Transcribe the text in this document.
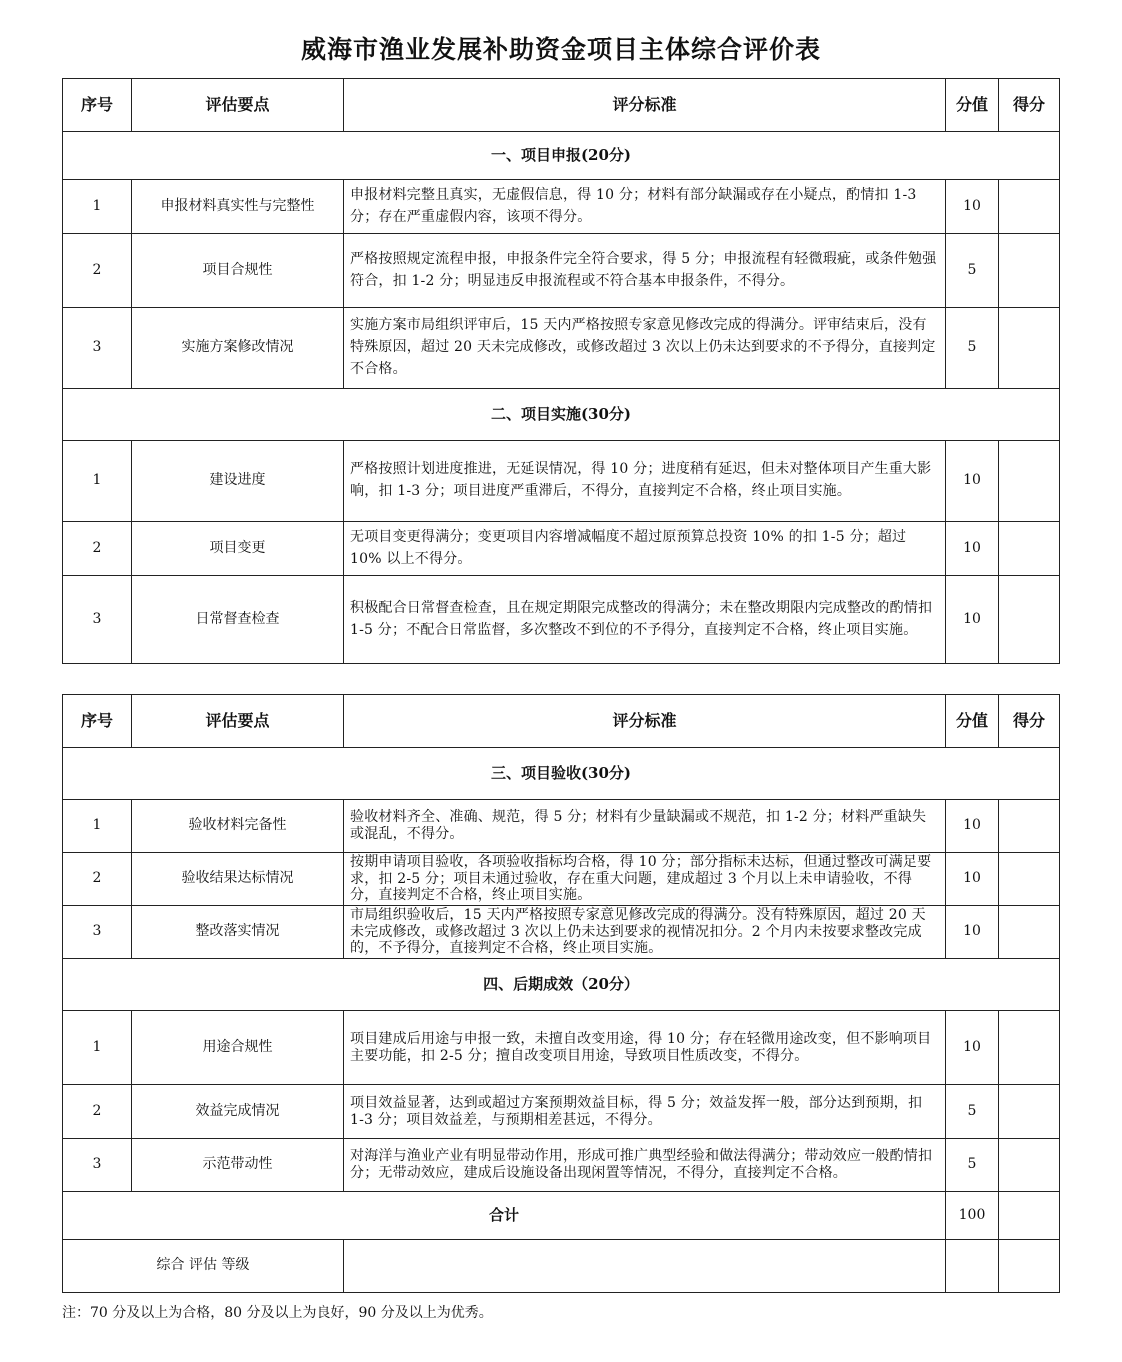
威海市渔业发展补助资金项目主体综合评价表
序号	评估要点	评分标准	分值	得分
一、项目申报(20分)				
1	申报材料真实性与完整性	申报材料完整且真实，无虚假信息，得 10 分；材料有部分缺漏或存在小疑点，酌情扣 1-3 分；存在严重虚假内容，该项不得分。	10	
2	项目合规性	严格按照规定流程申报，申报条件完全符合要求，得 5 分；申报流程有轻微瑕疵，或条件勉强符合，扣 1-2 分；明显违反申报流程或不符合基本申报条件，不得分。	5	
3	实施方案修改情况	实施方案市局组织评审后，15 天内严格按照专家意见修改完成的得满分。评审结束后，没有特殊原因，超过 20 天未完成修改，或修改超过 3 次以上仍未达到要求的不予得分，直接判定不合格。	5	
二、项目实施(30分)				
1	建设进度	严格按照计划进度推进，无延误情况，得 10 分；进度稍有延迟，但未对整体项目产生重大影响，扣 1-3 分；项目进度严重滞后，不得分，直接判定不合格，终止项目实施。	10	
2	项目变更	无项目变更得满分；变更项目内容增减幅度不超过原预算总投资 10% 的扣 1-5 分；超过 10% 以上不得分。	10	
3	日常督查检查	积极配合日常督查检查，且在规定期限完成整改的得满分；未在整改期限内完成整改的酌情扣 1-5 分；不配合日常监督，多次整改不到位的不予得分，直接判定不合格，终止项目实施。	10	
序号	评估要点	评分标准	分值	得分
三、项目验收(30分)				
1	验收材料完备性	验收材料齐全、准确、规范，得 5 分；材料有少量缺漏或不规范，扣 1-2 分；材料严重缺失或混乱，不得分。	10	
2	验收结果达标情况	按期申请项目验收，各项验收指标均合格，得 10 分；部分指标未达标，但通过整改可满足要求，扣 2-5 分；项目未通过验收，存在重大问题，建成超过 3 个月以上未申请验收，不得分，直接判定不合格，终止项目实施。	10	
3	整改落实情况	市局组织验收后，15 天内严格按照专家意见修改完成的得满分。没有特殊原因，超过 20 天未完成修改，或修改超过 3 次以上仍未达到要求的视情况扣分。2 个月内未按要求整改完成的，不予得分，直接判定不合格，终止项目实施。	10	
四、后期成效（20分）				
1	用途合规性	项目建成后用途与申报一致，未擅自改变用途，得 10 分；存在轻微用途改变，但不影响项目主要功能，扣 2-5 分；擅自改变项目用途，导致项目性质改变，不得分。	10	
2	效益完成情况	项目效益显著，达到或超过方案预期效益目标，得 5 分；效益发挥一般，部分达到预期，扣 1-3 分；项目效益差，与预期相差甚远，不得分。	5	
3	示范带动性	对海洋与渔业产业有明显带动作用，形成可推广典型经验和做法得满分；带动效应一般酌情扣分；无带动效应，建成后设施设备出现闲置等情况，不得分，直接判定不合格。	5	
合计			100	
综合 评估 等级				
注：70 分及以上为合格，80 分及以上为良好，90 分及以上为优秀。
